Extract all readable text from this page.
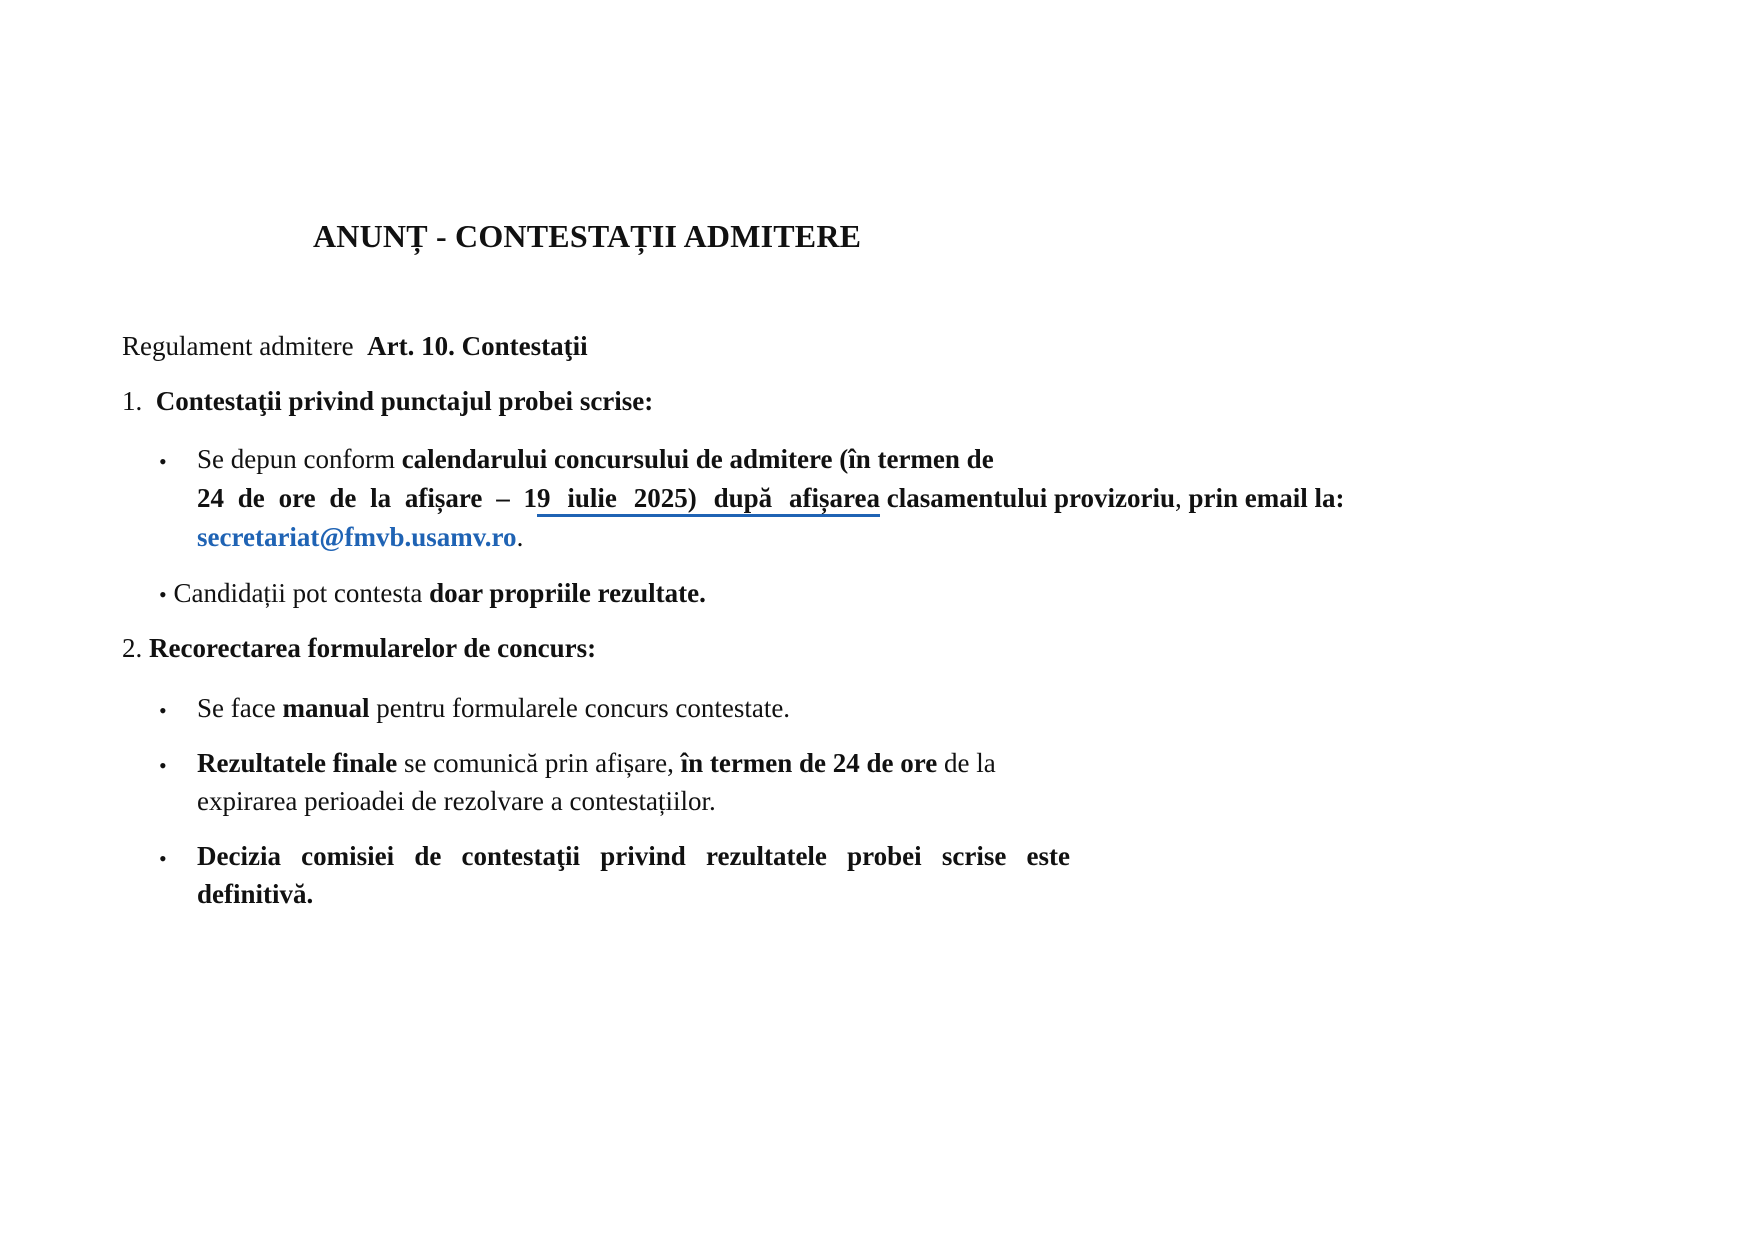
ANUNȚ - CONTESTAȚII ADMITERE
Regulament admitere Art. 10. Contestaţii
1. Contestaţii privind punctajul probei scrise:
• Se depun conform calendarului concursului de admitere (în termen de
24 de ore de la afișare – 19 iulie 2025) după afișarea clasamentului provizoriu, prin email la:
secretariat@fmvb.usamv.ro.
• Candidații pot contesta doar propriile rezultate.
2. Recorectarea formularelor de concurs:
• Se face manual pentru formularele concurs contestate.
• Rezultatele finale se comunică prin afișare, în termen de 24 de ore de la
expirarea perioadei de rezolvare a contestațiilor.
• Decizia comisiei de contestaţii privind rezultatele probei scrise este
definitivă.
